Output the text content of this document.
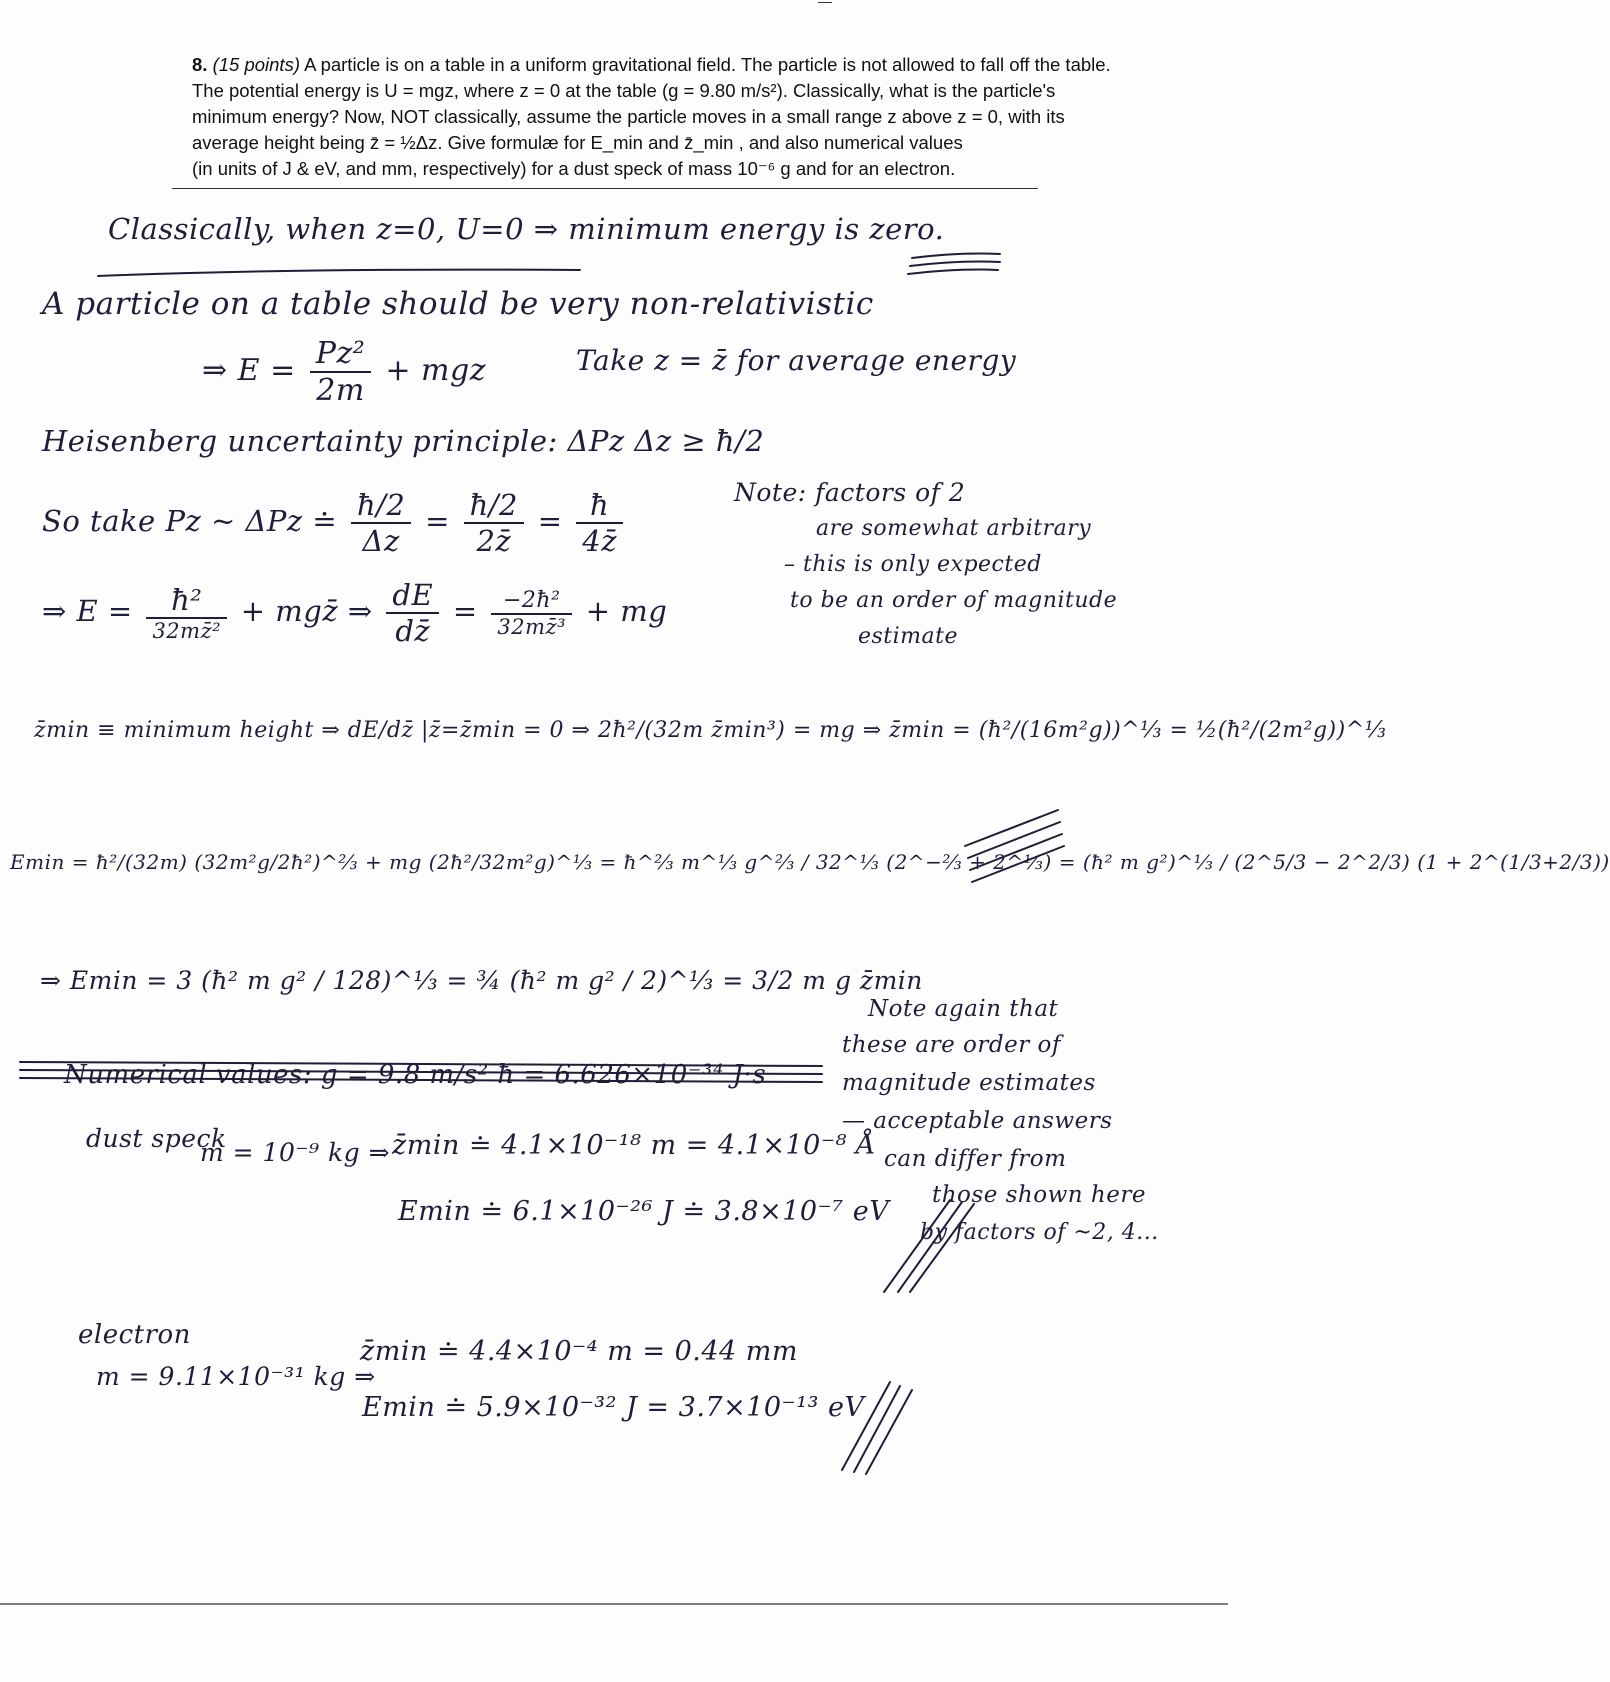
8. (15 points) A particle is on a table in a uniform gravitational field. The particle is not allowed to fall off the table.
The potential energy is U = mgz, where z = 0 at the table (g = 9.80 m/s²). Classically, what is the particle's
minimum energy? Now, NOT classically, assume the particle moves in a small range z above z = 0, with its
average height being z̄ = ½Δz. Give formulæ for E_min and z̄_min , and also numerical values
(in units of J & eV, and mm, respectively) for a dust speck of mass 10⁻⁶ g and for an electron.
Classically, when z=0, U=0 ⇒ minimum energy is zero.
A particle on a table should be very non-relativistic
⇒ $E = \frac{\text{Pz²}}{2m}$ + mgz	Take z = z̄ for average energy
Heisenberg uncertainty principle: ΔPz Δz ≥ ħ/2
So take Pz ~ ΔPz ≐ $\frac{ħ/2}{\Delta z} = \frac{ħ/2}{2z̄} = \frac{ħ}{4z̄}$	Note: factors of 2
are somewhat arbitrary
– this is only expected
to be an order of magnitude
estimate
⇒ $E = \frac{\text{ħ²}}{\text{32mz̄²}}$ + mgz̄ ⇒ $\frac{dE}{dz̄} = \frac{\text{−2ħ²}}{\text{32mz̄³}}$ + mg
z̄min ≡ minimum height ⇒ dE/dz̄ |z̄=z̄min = 0 ⇒ 2ħ²/(32m z̄min³) = mg ⇒ z̄min = (ħ²/(16m²g))^⅓ = ½(ħ²/(2m²g))^⅓
Emin = ħ²/(32m) (32m²g/2ħ²)^⅔ + mg (2ħ²/32m²g)^⅓ = ħ^⅔ m^⅓ g^⅔ / 32^⅓ (2^−⅔ + 2^⅓) = (ħ² m g²)^⅓ / (2^5/3 − 2^2/3) (1 + 2^(1/3+2/3))
⇒ Emin = 3 (ħ² m g² / 128)^⅓ = ¾ (ħ² m g² / 2)^⅓ = 3/2 m g z̄min
Note again that
these are order of
magnitude estimates
— acceptable answers
can differ from
those shown here
by factors of ~2, 4...
Numerical values: g = 9.8 m/s² ħ = 6.626×10⁻³⁴ J·s
dust speck
m = 10⁻⁹ kg ⇒ z̄min ≐ 4.1×10⁻¹⁸ m = 4.1×10⁻⁸ Å
Emin ≐ 6.1×10⁻²⁶ J ≐ 3.8×10⁻⁷ eV
electron
m = 9.11×10⁻³¹ kg ⇒
z̄min ≐ 4.4×10⁻⁴ m = 0.44 mm
Emin ≐ 5.9×10⁻³² J = 3.7×10⁻¹³ eV
